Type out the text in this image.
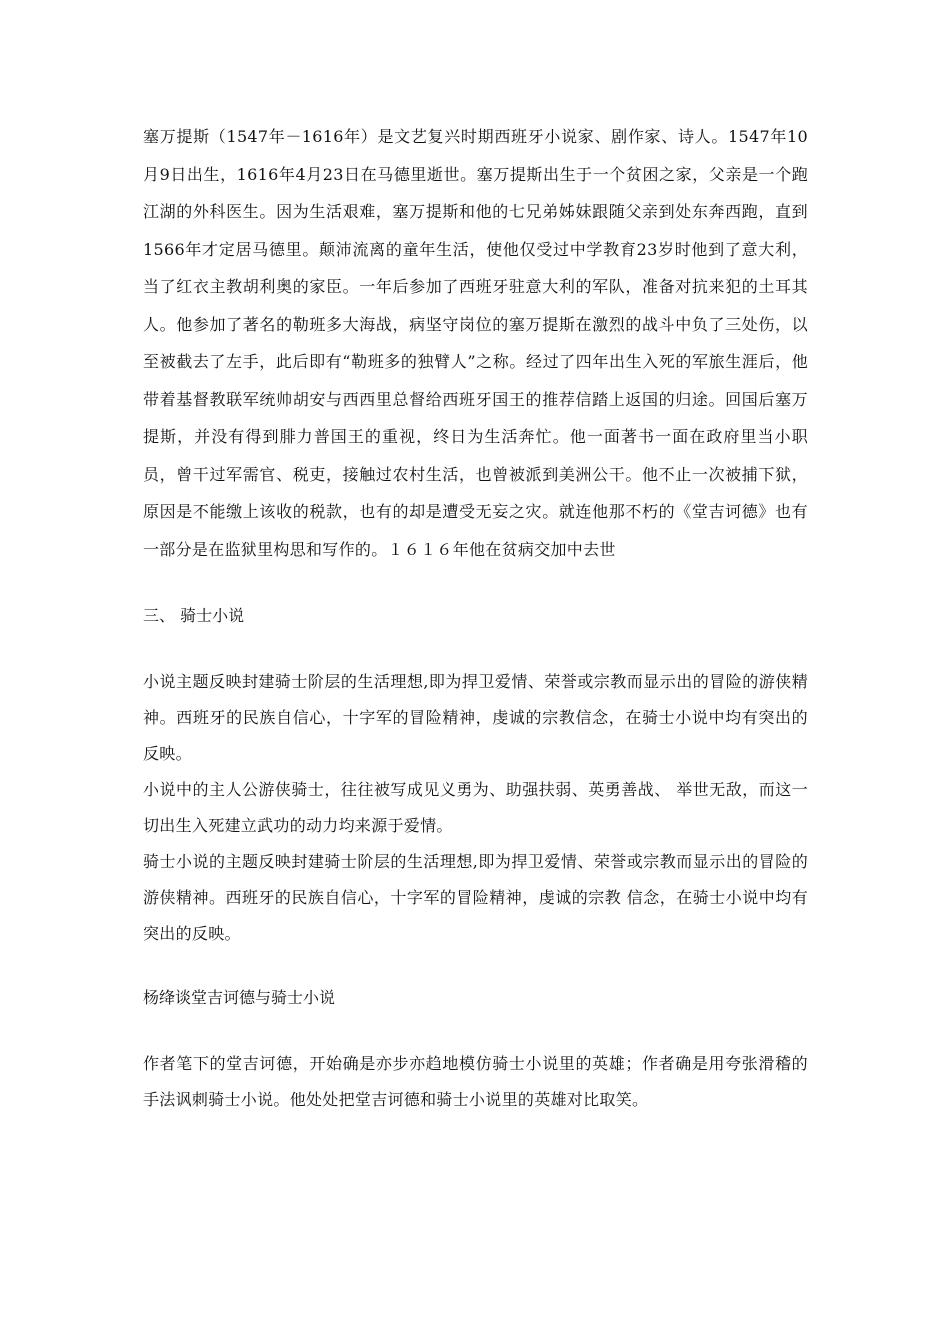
塞万提斯（1547年－1616年）是文艺复兴时期西班牙小说家、剧作家、诗人。1547年10月9日出生，1616年4月23日在马德里逝世。塞万提斯出生于一个贫困之家，父亲是一个跑江湖的外科医生。因为生活艰难，塞万提斯和他的七兄弟姊妹跟随父亲到处东奔西跑，直到1566年才定居马德里。颠沛流离的童年生活，使他仅受过中学教育23岁时他到了意大利，当了红衣主教胡利奥的家臣。一年后参加了西班牙驻意大利的军队，准备对抗来犯的土耳其人。他参加了著名的勒班多大海战，病坚守岗位的塞万提斯在激烈的战斗中负了三处伤，以至被截去了左手，此后即有“勒班多的独臂人”之称。经过了四年出生入死的军旅生涯后，他带着基督教联军统帅胡安与西西里总督给西班牙国王的推荐信踏上返国的归途。回国后塞万提斯，并没有得到腓力普国王的重视，终日为生活奔忙。他一面著书一面在政府里当小职员，曾干过军需官、税吏，接触过农村生活，也曾被派到美洲公干。他不止一次被捕下狱，原因是不能缴上该收的税款，也有的却是遭受无妄之灾。就连他那不朽的《堂吉诃德》也有一部分是在监狱里构思和写作的。１６１６年他在贫病交加中去世

三、 骑士小说

小说主题反映封建骑士阶层的生活理想,即为捍卫爱情、荣誉或宗教而显示出的冒险的游侠精神。西班牙的民族自信心，十字军的冒险精神，虔诚的宗教信念，在骑士小说中均有突出的反映。

小说中的主人公游侠骑士，往往被写成见义勇为、助强扶弱、英勇善战、 举世无敌，而这一切出生入死建立武功的动力均来源于爱情。

骑士小说的主题反映封建骑士阶层的生活理想,即为捍卫爱情、荣誉或宗教而显示出的冒险的游侠精神。西班牙的民族自信心，十字军的冒险精神，虔诚的宗教 信念，在骑士小说中均有突出的反映。

杨绛谈堂吉诃德与骑士小说

作者笔下的堂吉诃德，开始确是亦步亦趋地模仿骑士小说里的英雄；作者确是用夸张滑稽的手法讽刺骑士小说。他处处把堂吉诃德和骑士小说里的英雄对比取笑。
